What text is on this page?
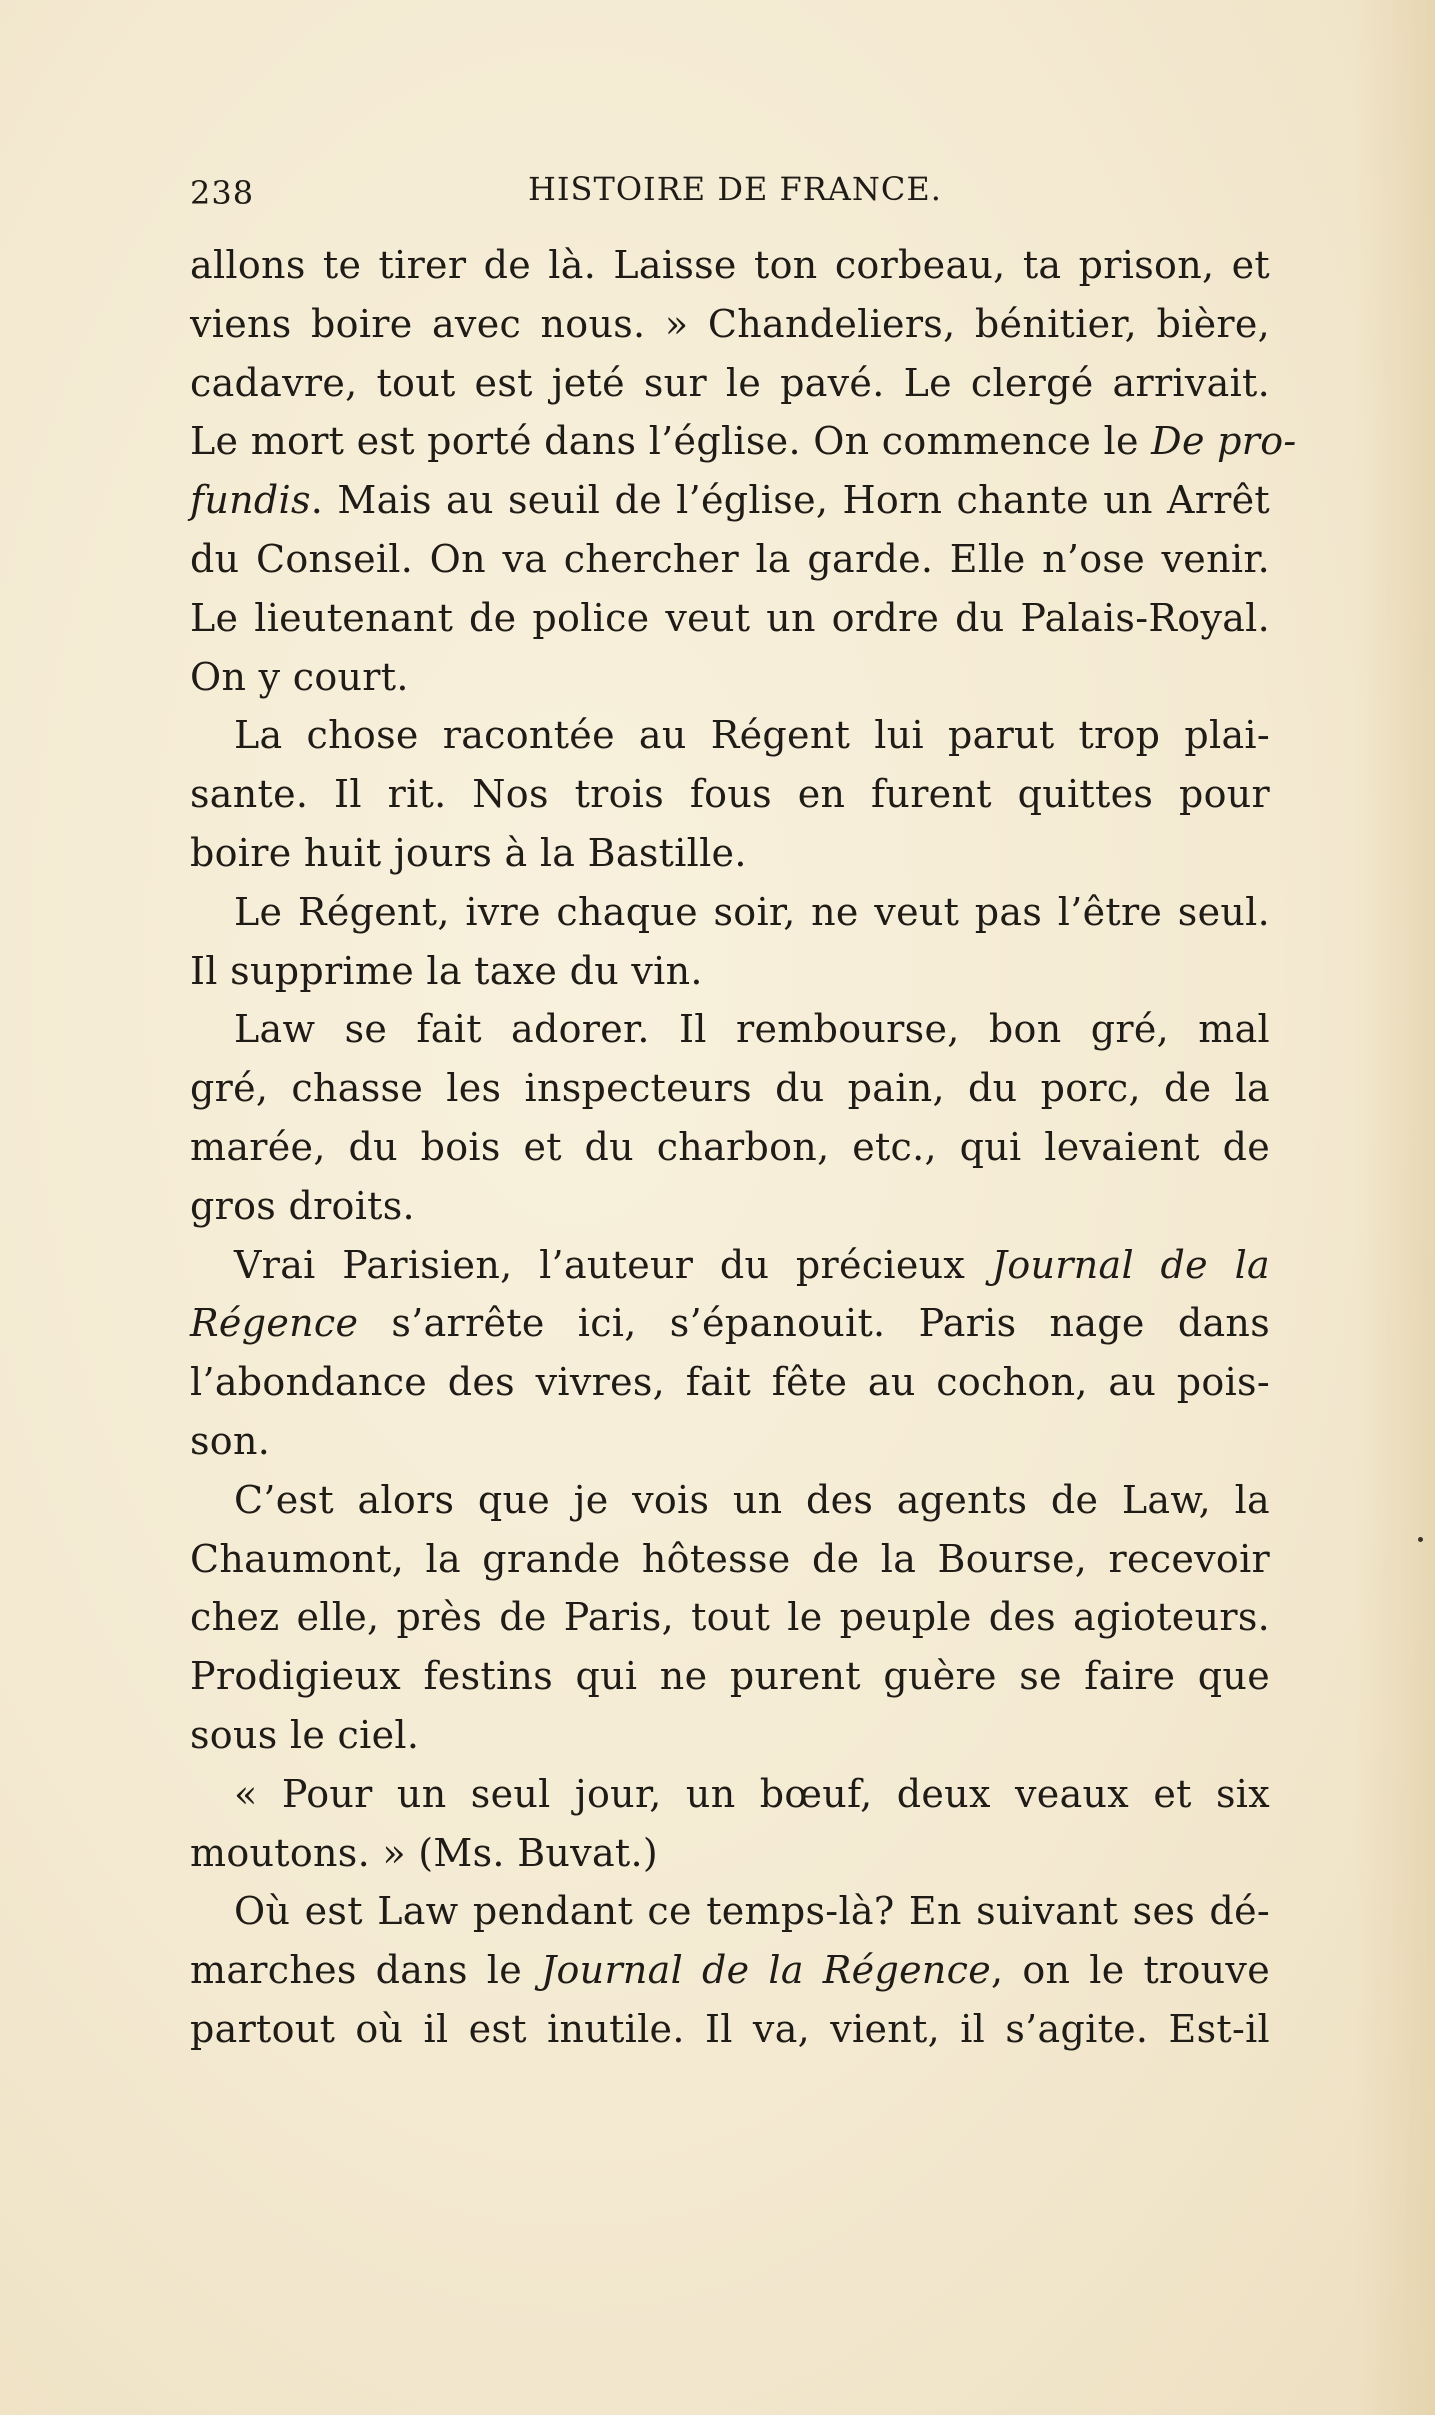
238	HISTOIRE DE FRANCE.
allons te tirer de là. Laisse ton corbeau, ta prison, et
viens boire avec nous. » Chandeliers, bénitier, bière,
cadavre, tout est jeté sur le pavé. Le clergé arrivait.
Le mort est porté dans l’église. On commence le De pro-
fundis. Mais au seuil de l’église, Horn chante un Arrêt
du Conseil. On va chercher la garde. Elle n’ose venir.
Le lieutenant de police veut un ordre du Palais-Royal.
On y court.
La chose racontée au Régent lui parut trop plai-
sante. Il rit. Nos trois fous en furent quittes pour
boire huit jours à la Bastille.
Le Régent, ivre chaque soir, ne veut pas l’être seul.
Il supprime la taxe du vin.
Law se fait adorer. Il rembourse, bon gré, mal
gré, chasse les inspecteurs du pain, du porc, de la
marée, du bois et du charbon, etc., qui levaient de
gros droits.
Vrai Parisien, l’auteur du précieux Journal de la
Régence s’arrête ici, s’épanouit. Paris nage dans
l’abondance des vivres, fait fête au cochon, au pois-
son.
C’est alors que je vois un des agents de Law, la
Chaumont, la grande hôtesse de la Bourse, recevoir
chez elle, près de Paris, tout le peuple des agioteurs.
Prodigieux festins qui ne purent guère se faire que
sous le ciel.
« Pour un seul jour, un bœuf, deux veaux et six
moutons. » (Ms. Buvat.)
Où est Law pendant ce temps-là? En suivant ses dé-
marches dans le Journal de la Régence, on le trouve
partout où il est inutile. Il va, vient, il s’agite. Est-il
